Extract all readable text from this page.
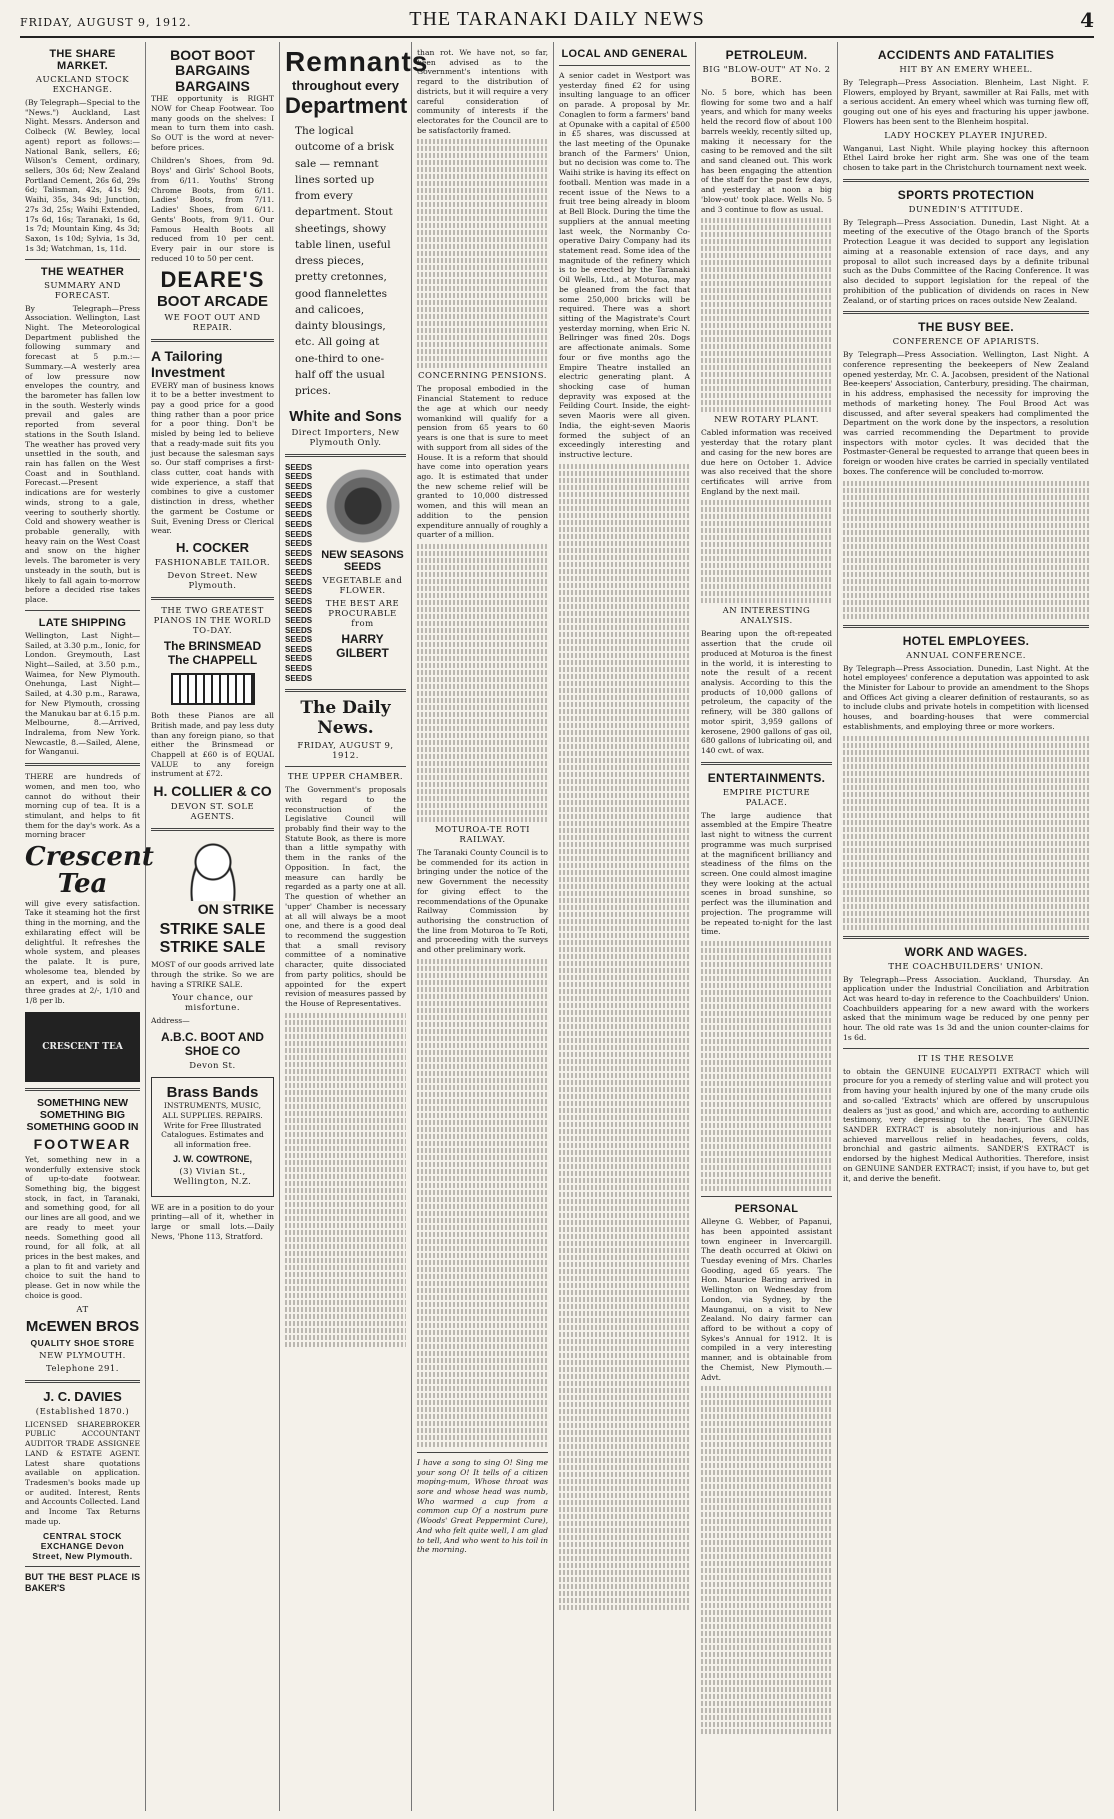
FRIDAY, AUGUST 9, 1912.	THE TARANAKI DAILY NEWS	4
THE SHARE MARKET.
AUCKLAND STOCK EXCHANGE.

(By Telegraph—Special to the "News.") Auckland, Last Night. Messrs. Anderson and Colbeck (W. Bewley, local agent) report as follows:— National Bank, sellers, £6; Wilson's Cement, ordinary, sellers, 30s 6d; New Zealand Portland Cement, 26s 6d, 29s 6d; Talisman, 42s, 41s 9d; Waihi, 35s, 34s 9d; Junction, 27s 3d, 25s; Waihi Extended, 17s 6d, 16s; Taranaki, 1s 6d, 1s 7d; Mountain King, 4s 3d; Saxon, 1s 10d; Sylvia, 1s 3d, 1s 3d; Watchman, 1s, 11d.

THE WEATHER
SUMMARY AND FORECAST.

By Telegraph—Press Association. Wellington, Last Night. The Meteorological Department published the following summary and forecast at 5 p.m.:—Summary.—A westerly area of low pressure now envelopes the country, and the barometer has fallen low in the south. Westerly winds prevail and gales are reported from several stations in the South Island. The weather has proved very unsettled in the south, and rain has fallen on the West Coast and in Southland. Forecast.—Present indications are for westerly winds, strong to a gale, veering to southerly shortly. Cold and showery weather is probable generally, with heavy rain on the West Coast and snow on the higher levels. The barometer is very unsteady in the south, but is likely to fall again to-morrow before a decided rise takes place.

LATE SHIPPING

Wellington, Last Night—Sailed, at 3.30 p.m., Ionic, for London. Greymouth, Last Night—Sailed, at 3.50 p.m., Waimea, for New Plymouth. Onehunga, Last Night—Sailed, at 4.30 p.m., Rarawa, for New Plymouth, crossing the Manukau bar at 6.15 p.m. Melbourne, 8.—Arrived, Indralema, from New York. Newcastle, 8.—Sailed, Alene, for Wanganui.

THERE are hundreds of women, and men too, who cannot do without their morning cup of tea. It is a stimulant, and helps to fit them for the day's work. As a morning bracer

Crescent Tea

will give every satisfaction. Take it steaming hot the first thing in the morning, and the exhilarating effect will be delightful. It refreshes the whole system, and pleases the palate. It is pure, wholesome tea, blended by an expert, and is sold in three grades at 2/-, 1/10 and 1/8 per lb.

CRESCENT TEA
SOMETHING NEW SOMETHING BIG SOMETHING GOOD IN
FOOTWEAR

Yet, something new in a wonderfully extensive stock of up-to-date footwear. Something big, the biggest stock, in fact, in Taranaki, and something good, for all our lines are all good, and we are ready to meet your needs. Something good all round, for all folk, at all prices in the best makes, and a plan to fit and variety and choice to suit the hand to please. Get in now while the choice is good.

AT
McEWEN BROS
QUALITY SHOE STORE
NEW PLYMOUTH.
Telephone 291.
J. C. DAVIES
(Established 1870.)

LICENSED SHAREBROKER PUBLIC ACCOUNTANT AUDITOR TRADE ASSIGNEE LAND & ESTATE AGENT. Latest share quotations available on application. Tradesmen's books made up or audited. Interest, Rents and Accounts Collected. Land and Income Tax Returns made up.

CENTRAL STOCK EXCHANGE Devon Street, New Plymouth.
BUT THE BEST PLACE IS BAKER'S
BOOT BOOT BARGAINS BARGAINS

THE opportunity is RIGHT NOW for Cheap Footwear. Too many goods on the shelves: I mean to turn them into cash. So OUT is the word at never-before prices.

Children's Shoes, from 9d. Boys' and Girls' School Boots, from 6/11. Youths' Strong Chrome Boots, from 6/11. Ladies' Boots, from 7/11. Ladies' Shoes, from 6/11. Gents' Boots, from 9/11. Our Famous Health Boots all reduced from 10 per cent. Every pair in our store is reduced 10 to 50 per cent.

DEARE'S
BOOT ARCADE
WE FOOT OUT AND REPAIR.
A Tailoring Investment

EVERY man of business knows it to be a better investment to pay a good price for a good thing rather than a poor price for a poor thing. Don't be misled by being led to believe that a ready-made suit fits you just because the salesman says so. Our staff comprises a first-class cutter, coat hands with wide experience, a staff that combines to give a customer distinction in dress, whether the garment be Costume or Suit, Evening Dress or Clerical wear.

H. COCKER
FASHIONABLE TAILOR.
Devon Street. New Plymouth.
THE TWO GREATEST PIANOS IN THE WORLD TO-DAY.
The BRINSMEAD
The CHAPPELL

Both these Pianos are all British made, and pay less duty than any foreign piano, so that either the Brinsmead or Chappell at £60 is of EQUAL VALUE to any foreign instrument at £72.

H. COLLIER & CO
DEVON ST. SOLE AGENTS.
ON STRIKE
STRIKE SALE STRIKE SALE

MOST of our goods arrived late through the strike. So we are having a STRIKE SALE.

Your chance, our misfortune.
Address—
A.B.C. BOOT AND SHOE CO
Devon St.
Brass Bands
INSTRUMENTS, MUSIC, ALL SUPPLIES. REPAIRS. Write for Free Illustrated Catalogues. Estimates and all information free.
J. W. COWTRONE,
(3) Vivian St., Wellington, N.Z.

WE are in a position to do your printing—all of it, whether in large or small lots.—Daily News, 'Phone 113, Stratford.

Remnants
throughout every
Department

The logical outcome of a brisk sale — remnant lines sorted up from every department. Stout sheetings, showy table linen, useful dress pieces, pretty cretonnes, good flannelettes and calicoes, dainty blousings, etc. All going at one-third to one-half off the usual prices.

White and Sons
Direct Importers, New Plymouth Only.
SEEDS
SEEDS
SEEDS
SEEDS
SEEDS
SEEDS
SEEDS
SEEDS
SEEDS
SEEDS
SEEDS
SEEDS
SEEDS
SEEDS
SEEDS
SEEDS
SEEDS
SEEDS
SEEDS
SEEDS
SEEDS
SEEDS
SEEDS
NEW SEASONS SEEDS
VEGETABLE and FLOWER.
THE BEST ARE PROCURABLE from
HARRY GILBERT
The Daily News.
FRIDAY, AUGUST 9, 1912.
THE UPPER CHAMBER.

The Government's proposals with regard to the reconstruction of the Legislative Council will probably find their way to the Statute Book, as there is more than a little sympathy with them in the ranks of the Opposition. In fact, the measure can hardly be regarded as a party one at all. The question of whether an 'upper' Chamber is necessary at all will always be a moot one, and there is a good deal to recommend the suggestion that a small revisory committee of a nominative character, quite dissociated from party politics, should be appointed for the expert revision of measures passed by the House of Representatives.

than rot. We have not, so far, been advised as to the Government's intentions with regard to the distribution of districts, but it will require a very careful consideration of community of interests if the electorates for the Council are to be satisfactorily framed.

CONCERNING PENSIONS.

The proposal embodied in the Financial Statement to reduce the age at which our needy womankind will qualify for a pension from 65 years to 60 years is one that is sure to meet with support from all sides of the House. It is a reform that should have come into operation years ago. It is estimated that under the new scheme relief will be granted to 10,000 distressed women, and this will mean an addition to the pension expenditure annually of roughly a quarter of a million.

MOTUROA-TE ROTI RAILWAY.

The Taranaki County Council is to be commended for its action in bringing under the notice of the new Government the necessity for giving effect to the recommendations of the Opunake Railway Commission by authorising the construction of the line from Moturoa to Te Roti, and proceeding with the surveys and other preliminary work.

I have a song to sing O! Sing me your song O! It tells of a citizen moping-mum, Whose throat was sore and whose head was numb, Who warmed a cup from a common cup Of a nostrum pure (Woods' Great Peppermint Cure), And who felt quite well, I am glad to tell, And who went to his toil in the morning.

LOCAL AND GENERAL

A senior cadet in Westport was yesterday fined £2 for using insulting language to an officer on parade. A proposal by Mr. Conaglen to form a farmers' band at Opunake with a capital of £500 in £5 shares, was discussed at the last meeting of the Opunake branch of the Farmers' Union, but no decision was come to. The Waihi strike is having its effect on football. Mention was made in a recent issue of the News to a fruit tree being already in bloom at Bell Block. During the time the suppliers at the annual meeting last week, the Normanby Co-operative Dairy Company had its statement read. Some idea of the magnitude of the refinery which is to be erected by the Taranaki Oil Wells, Ltd., at Moturoa, may be gleaned from the fact that some 250,000 bricks will be required. There was a short sitting of the Magistrate's Court yesterday morning, when Eric N. Bellringer was fined 20s. Dogs are affectionate animals. Some four or five months ago the Empire Theatre installed an electric generating plant. A shocking case of human depravity was exposed at the Feilding Court. Inside, the eight-seven Maoris were all given. India, the eight-seven Maoris formed the subject of an exceedingly interesting and instructive lecture.

PETROLEUM.
BIG "BLOW-OUT" AT No. 2 BORE.

No. 5 bore, which has been flowing for some two and a half years, and which for many weeks held the record flow of about 100 barrels weekly, recently silted up, making it necessary for the casing to be removed and the silt and sand cleaned out. This work has been engaging the attention of the staff for the past few days, and yesterday at noon a big 'blow-out' took place. Wells No. 5 and 3 continue to flow as usual.

NEW ROTARY PLANT.

Cabled information was received yesterday that the rotary plant and casing for the new bores are due here on October 1. Advice was also received that the shore certificates will arrive from England by the next mail.

AN INTERESTING ANALYSIS.

Bearing upon the oft-repeated assertion that the crude oil produced at Moturoa is the finest in the world, it is interesting to note the result of a recent analysis. According to this the products of 10,000 gallons of petroleum, the capacity of the refinery, will be 380 gallons of motor spirit, 3,959 gallons of kerosene, 2900 gallons of gas oil, 680 gallons of lubricating oil, and 140 cwt. of wax.

ENTERTAINMENTS.
EMPIRE PICTURE PALACE.

The large audience that assembled at the Empire Theatre last night to witness the current programme was much surprised at the magnificent brilliancy and steadiness of the films on the screen. One could almost imagine they were looking at the actual scenes in broad sunshine, so perfect was the illumination and projection. The programme will be repeated to-night for the last time.

PERSONAL

Alleyne G. Webber, of Papanui, has been appointed assistant town engineer in Invercargill. The death occurred at Okiwi on Tuesday evening of Mrs. Charles Gooding, aged 65 years. The Hon. Maurice Baring arrived in Wellington on Wednesday from London, via Sydney, by the Maunganui, on a visit to New Zealand. No dairy farmer can afford to be without a copy of Sykes's Annual for 1912. It is compiled in a very interesting manner, and is obtainable from the Chemist, New Plymouth.—Advt.

ACCIDENTS AND FATALITIES
HIT BY AN EMERY WHEEL.

By Telegraph—Press Association. Blenheim, Last Night. F. Flowers, employed by Bryant, sawmiller at Rai Falls, met with a serious accident. An emery wheel which was turning flew off, gouging out one of his eyes and fracturing his upper jawbone. Flowers has been sent to the Blenheim hospital.

LADY HOCKEY PLAYER INJURED.

Wanganui, Last Night. While playing hockey this afternoon Ethel Laird broke her right arm. She was one of the team chosen to take part in the Christchurch tournament next week.

SPORTS PROTECTION
DUNEDIN'S ATTITUDE.

By Telegraph—Press Association. Dunedin, Last Night. At a meeting of the executive of the Otago branch of the Sports Protection League it was decided to support any legislation aiming at a reasonable extension of race days, and any proposal to allot such increased days by a definite tribunal such as the Dubs Committee of the Racing Conference. It was also decided to support legislation for the repeal of the prohibition of the publication of dividends on races in New Zealand, or of starting prices on races outside New Zealand.

THE BUSY BEE.
CONFERENCE OF APIARISTS.

By Telegraph—Press Association. Wellington, Last Night. A conference representing the beekeepers of New Zealand opened yesterday, Mr. C. A. Jacobsen, president of the National Bee-keepers' Association, Canterbury, presiding. The chairman, in his address, emphasised the necessity for improving the methods of marketing honey. The Foul Brood Act was discussed, and after several speakers had complimented the Department on the work done by the inspectors, a resolution was carried recommending the Department to provide inspectors with motor cycles. It was decided that the Postmaster-General be requested to arrange that queen bees in foreign or wooden hive crates be carried in specially ventilated boxes. The conference will be concluded to-morrow.

HOTEL EMPLOYEES.
ANNUAL CONFERENCE.

By Telegraph—Press Association. Dunedin, Last Night. At the hotel employees' conference a deputation was appointed to ask the Minister for Labour to provide an amendment to the Shops and Offices Act giving a clearer definition of restaurants, so as to include clubs and private hotels in competition with licensed houses, and boarding-houses that were commercial establishments, and employing three or more workers.

WORK AND WAGES.
THE COACHBUILDERS' UNION.

By Telegraph—Press Association. Auckland, Thursday. An application under the Industrial Conciliation and Arbitration Act was heard to-day in reference to the Coachbuilders' Union. Coachbuilders appearing for a new award with the workers asked that the minimum wage be reduced by one penny per hour. The old rate was 1s 3d and the union counter-claims for 1s 6d.

IT IS THE RESOLVE

to obtain the GENUINE EUCALYPTI EXTRACT which will procure for you a remedy of sterling value and will protect you from having your health injured by one of the many crude oils and so-called 'Extracts' which are offered by unscrupulous dealers as 'just as good,' and which are, according to authentic testimony, very depressing to the heart. The GENUINE SANDER EXTRACT is absolutely non-injurious and has achieved marvellous relief in headaches, fevers, colds, bronchial and gastric ailments. SANDER'S EXTRACT is endorsed by the highest Medical Authorities. Therefore, insist on GENUINE SANDER EXTRACT; insist, if you have to, but get it, and derive the benefit.
